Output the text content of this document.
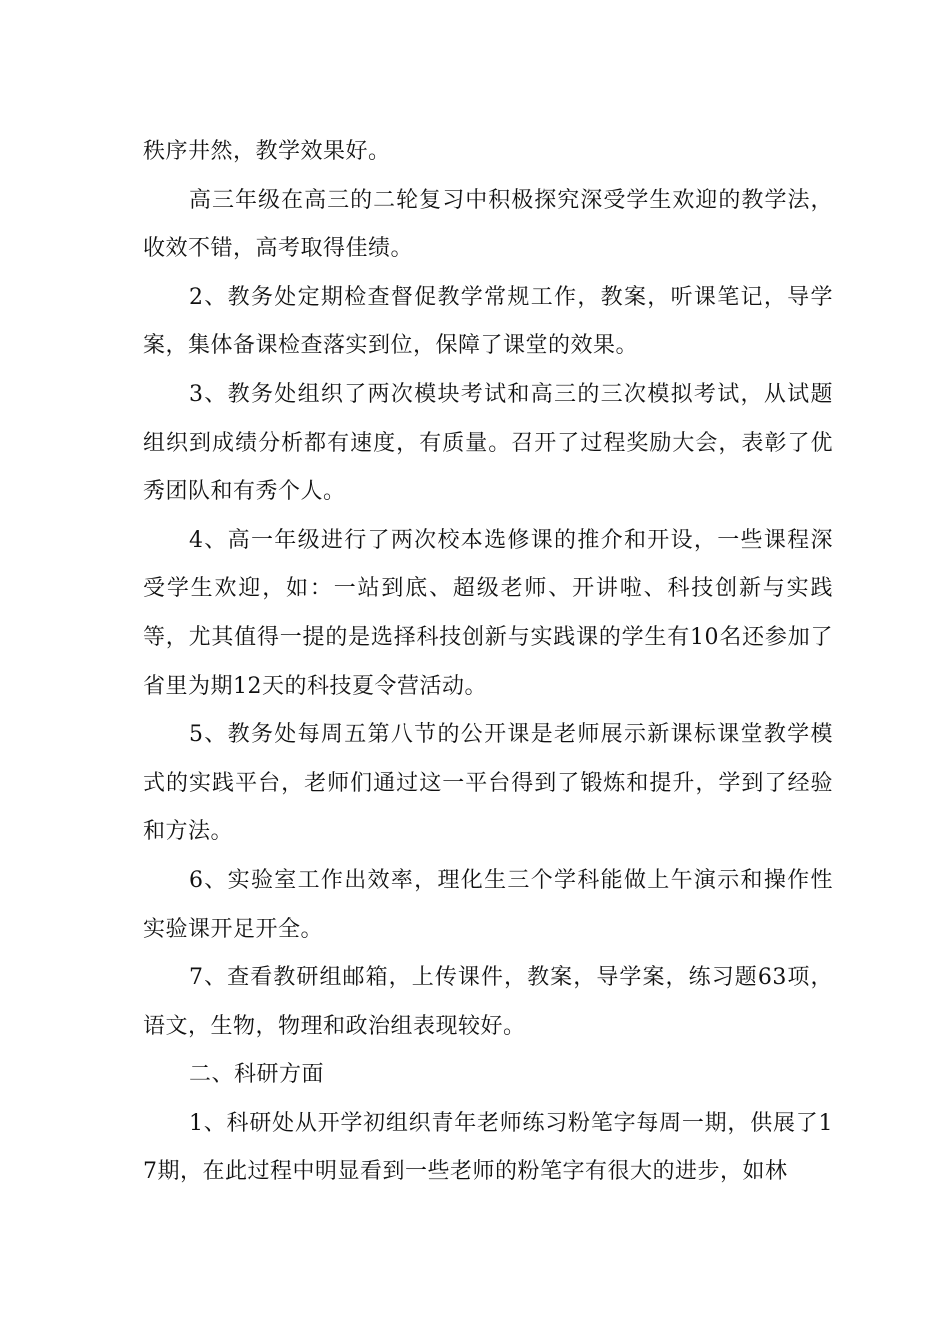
秩序井然，教学效果好。

高三年级在高三的二轮复习中积极探究深受学生欢迎的教学法，收效不错，高考取得佳绩。

2、教务处定期检查督促教学常规工作，教案，听课笔记，导学案，集体备课检查落实到位，保障了课堂的效果。

3、教务处组织了两次模块考试和高三的三次模拟考试，从试题组织到成绩分析都有速度，有质量。召开了过程奖励大会，表彰了优秀团队和有秀个人。

4、高一年级进行了两次校本选修课的推介和开设，一些课程深受学生欢迎，如：一站到底、超级老师、开讲啦、科技创新与实践等，尤其值得一提的是选择科技创新与实践课的学生有10名还参加了省里为期12天的科技夏令营活动。

5、教务处每周五第八节的公开课是老师展示新课标课堂教学模式的实践平台，老师们通过这一平台得到了锻炼和提升，学到了经验和方法。

6、实验室工作出效率，理化生三个学科能做上午演示和操作性实验课开足开全。

7、查看教研组邮箱，上传课件，教案，导学案，练习题63项，语文，生物，物理和政治组表现较好。

二、科研方面

1、科研处从开学初组织青年老师练习粉笔字每周一期，供展了17期，在此过程中明显看到一些老师的粉笔字有很大的进步，如林
